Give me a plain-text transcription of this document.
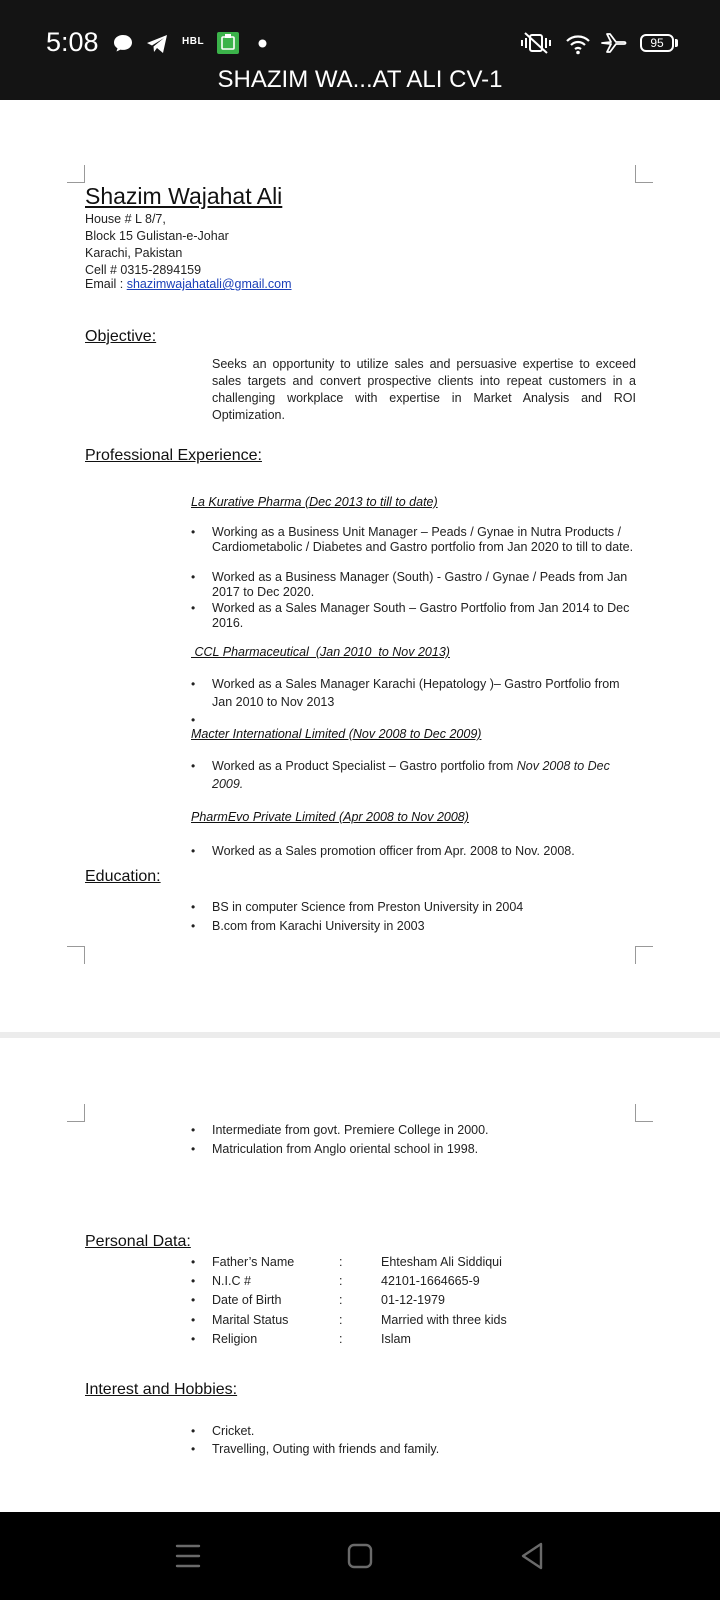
5:08	HBL	95
SHAZIM WA...AT ALI CV-1
Shazim Wajahat Ali
House # L 8/7,
Block 15 Gulistan-e-Johar
Karachi, Pakistan
Cell # 0315-2894159
Email : shazimwajahatali@gmail.com
Objective:
Seeks an opportunity to utilize sales and persuasive expertise to exceed sales targets and convert prospective clients into repeat customers in a challenging workplace with expertise in Market Analysis and ROI Optimization.
Professional Experience:
La Kurative Pharma (Dec 2013 to till to date)
• Working as a Business Unit Manager – Peads / Gynae in Nutra Products / Cardiometabolic / Diabetes and Gastro portfolio from Jan 2020 to till to date.
• Worked as a Business Manager (South) - Gastro / Gynae / Peads from Jan 2017 to Dec 2020.
• Worked as a Sales Manager South – Gastro Portfolio from Jan 2014 to Dec 2016.
CCL Pharmaceutical  (Jan 2010  to Nov 2013)
• Worked as a Sales Manager Karachi (Hepatology )– Gastro Portfolio from Jan 2010 to Nov 2013
•
Macter International Limited (Nov 2008 to Dec 2009)
• Worked as a Product Specialist – Gastro portfolio from Nov 2008 to Dec 2009.
PharmEvo Private Limited (Apr 2008 to Nov 2008)
• Worked as a Sales promotion officer from Apr. 2008 to Nov. 2008.
Education:
• BS in computer Science from Preston University in 2004
• B.com from Karachi University in 2003
• Intermediate from govt. Premiere College in 2000.
• Matriculation from Anglo oriental school in 1998.
Personal Data:
• Father’s Name	:	Ehtesham Ali Siddiqui
• N.I.C #	:	42101-1664665-9
• Date of Birth	:	01-12-1979
• Marital Status	:	Married with three kids
• Religion	:	Islam
Interest and Hobbies:
• Cricket.
• Travelling, Outing with friends and family.
